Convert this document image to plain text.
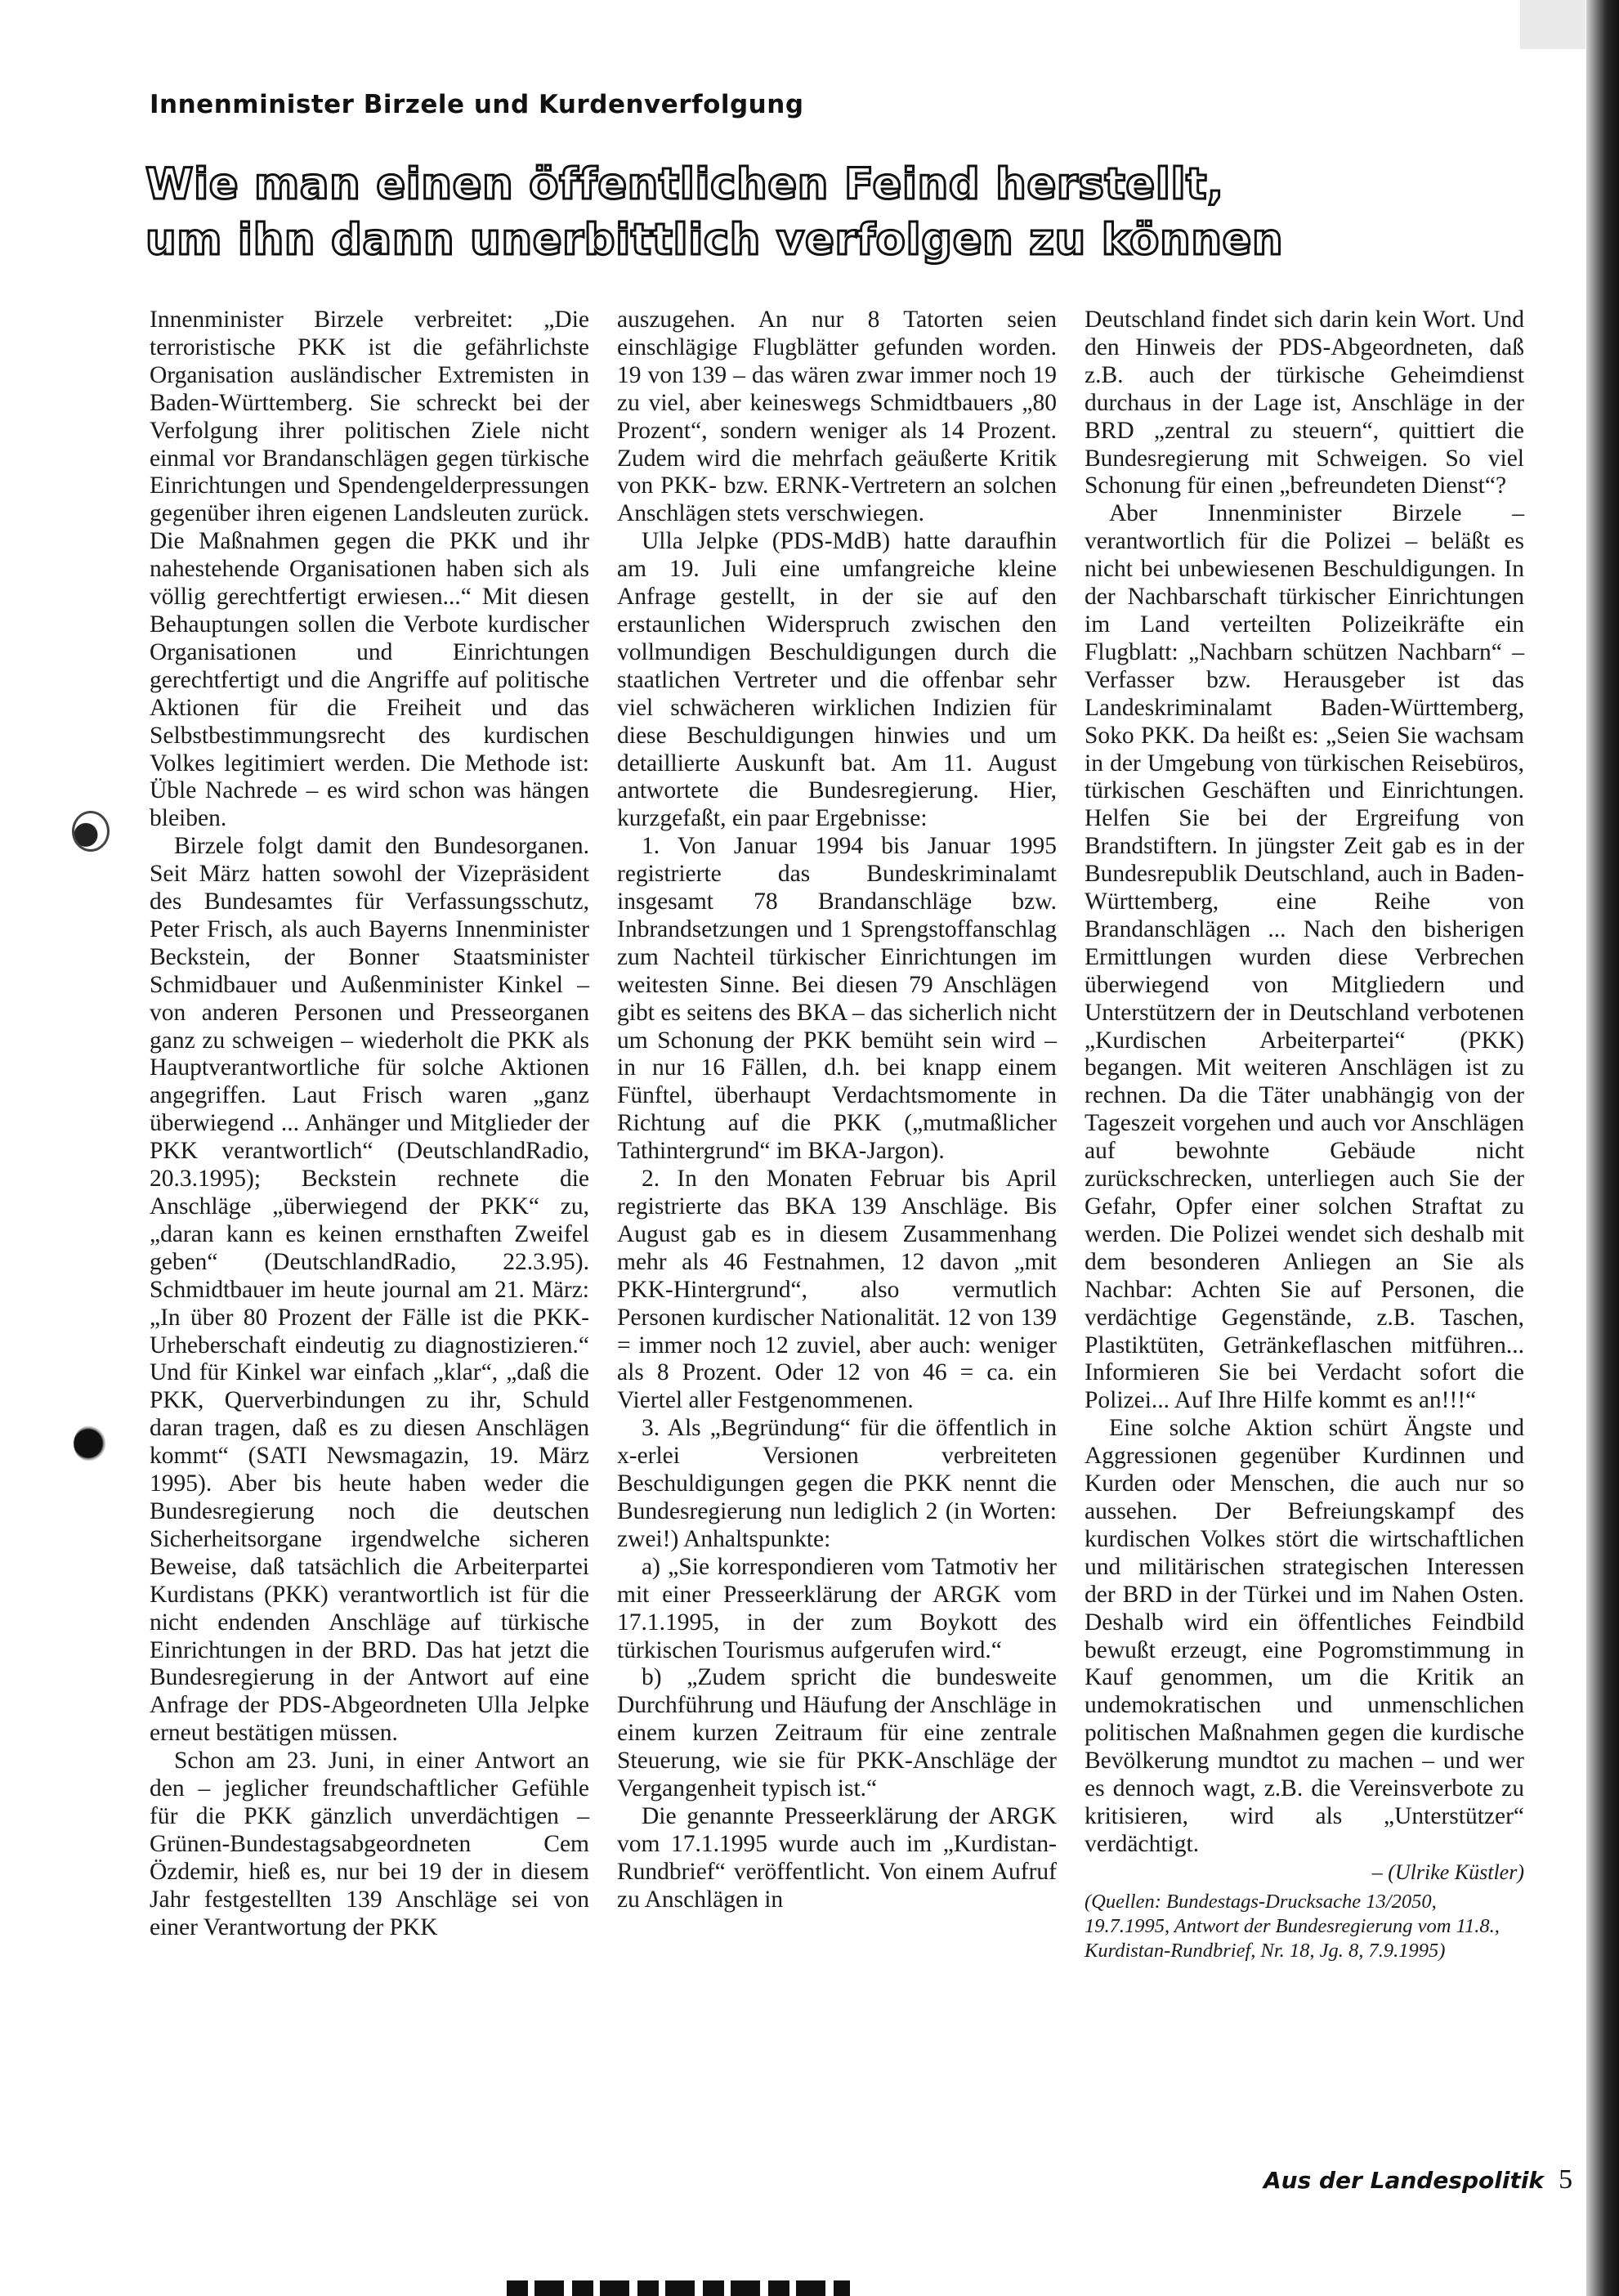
Innenminister Birzele und Kurdenverfolgung
Wie man einen öffentlichen Feind herstellt, um ihn dann unerbittlich verfolgen zu können

Innenminister Birzele verbreitet: „Die terroristische PKK ist die gefährlichste Organisation ausländischer Extremisten in Baden-Württemberg. Sie schreckt bei der Verfolgung ihrer politischen Ziele nicht einmal vor Brandanschlägen gegen türkische Einrichtungen und Spendengelderpressungen gegenüber ihren eigenen Landsleuten zurück. Die Maßnahmen gegen die PKK und ihr nahestehende Organisationen haben sich als völlig gerechtfertigt erwiesen...“ Mit diesen Behauptungen sollen die Verbote kurdischer Organisationen und Einrichtungen gerechtfertigt und die Angriffe auf politische Aktionen für die Freiheit und das Selbstbestimmungsrecht des kurdischen Volkes legitimiert werden. Die Methode ist: Üble Nachrede – es wird schon was hängen bleiben.

Birzele folgt damit den Bundesorganen. Seit März hatten sowohl der Vizepräsident des Bundesamtes für Verfassungsschutz, Peter Frisch, als auch Bayerns Innenminister Beckstein, der Bonner Staatsminister Schmidbauer und Außenminister Kinkel – von anderen Personen und Presseorganen ganz zu schweigen – wiederholt die PKK als Hauptverantwortliche für solche Aktionen angegriffen. Laut Frisch waren „ganz überwiegend ... Anhänger und Mitglieder der PKK verantwortlich“ (DeutschlandRadio, 20.3.1995); Beckstein rechnete die Anschläge „überwiegend der PKK“ zu, „daran kann es keinen ernsthaften Zweifel geben“ (DeutschlandRadio, 22.3.95). Schmidtbauer im heute journal am 21. März: „In über 80 Prozent der Fälle ist die PKK-Urheberschaft eindeutig zu diagnostizieren.“ Und für Kinkel war einfach „klar“, „daß die PKK, Querverbindungen zu ihr, Schuld daran tragen, daß es zu diesen Anschlägen kommt“ (SATI Newsmagazin, 19. März 1995). Aber bis heute haben weder die Bundesregierung noch die deutschen Sicherheitsorgane irgendwelche sicheren Beweise, daß tatsächlich die Arbeiterpartei Kurdistans (PKK) verantwortlich ist für die nicht endenden Anschläge auf türkische Einrichtungen in der BRD. Das hat jetzt die Bundesregierung in der Antwort auf eine Anfrage der PDS-Abgeordneten Ulla Jelpke erneut bestätigen müssen.

Schon am 23. Juni, in einer Antwort an den – jeglicher freundschaftlicher Gefühle für die PKK gänzlich unverdächtigen – Grünen-Bundestagsabgeordneten Cem Özdemir, hieß es, nur bei 19 der in diesem Jahr festgestellten 139 Anschläge sei von einer Verantwortung der PKK

auszugehen. An nur 8 Tatorten seien einschlägige Flugblätter gefunden worden. 19 von 139 – das wären zwar immer noch 19 zu viel, aber keineswegs Schmidtbauers „80 Prozent“, sondern weniger als 14 Prozent. Zudem wird die mehrfach geäußerte Kritik von PKK- bzw. ERNK-Vertretern an solchen Anschlägen stets verschwiegen.

Ulla Jelpke (PDS-MdB) hatte daraufhin am 19. Juli eine umfangreiche kleine Anfrage gestellt, in der sie auf den erstaunlichen Widerspruch zwischen den vollmundigen Beschuldigungen durch die staatlichen Vertreter und die offenbar sehr viel schwächeren wirklichen Indizien für diese Beschuldigungen hinwies und um detaillierte Auskunft bat. Am 11. August antwortete die Bundesregierung. Hier, kurzgefaßt, ein paar Ergebnisse:

1. Von Januar 1994 bis Januar 1995 registrierte das Bundeskriminalamt insgesamt 78 Brandanschläge bzw. Inbrandsetzungen und 1 Sprengstoffanschlag zum Nachteil türkischer Einrichtungen im weitesten Sinne. Bei diesen 79 Anschlägen gibt es seitens des BKA – das sicherlich nicht um Schonung der PKK bemüht sein wird – in nur 16 Fällen, d.h. bei knapp einem Fünftel, überhaupt Verdachtsmomente in Richtung auf die PKK („mutmaßlicher Tathintergrund“ im BKA-Jargon).

2. In den Monaten Februar bis April registrierte das BKA 139 Anschläge. Bis August gab es in diesem Zusammenhang mehr als 46 Festnahmen, 12 davon „mit PKK-Hintergrund“, also vermutlich Personen kurdischer Nationalität. 12 von 139 = immer noch 12 zuviel, aber auch: weniger als 8 Prozent. Oder 12 von 46 = ca. ein Viertel aller Festgenommenen.

3. Als „Begründung“ für die öffentlich in x-erlei Versionen verbreiteten Beschuldigungen gegen die PKK nennt die Bundesregierung nun lediglich 2 (in Worten: zwei!) Anhaltspunkte:

a) „Sie korrespondieren vom Tatmotiv her mit einer Presseerklärung der ARGK vom 17.1.1995, in der zum Boykott des türkischen Tourismus aufgerufen wird.“

b) „Zudem spricht die bundesweite Durchführung und Häufung der Anschläge in einem kurzen Zeitraum für eine zentrale Steuerung, wie sie für PKK-Anschläge der Vergangenheit typisch ist.“

Die genannte Presseerklärung der ARGK vom 17.1.1995 wurde auch im „Kurdistan-Rundbrief“ veröffentlicht. Von einem Aufruf zu Anschlägen in

Deutschland findet sich darin kein Wort. Und den Hinweis der PDS-Abgeordneten, daß z.B. auch der türkische Geheimdienst durchaus in der Lage ist, Anschläge in der BRD „zentral zu steuern“, quittiert die Bundesregierung mit Schweigen. So viel Schonung für einen „befreundeten Dienst“?

Aber Innenminister Birzele – verantwortlich für die Polizei – beläßt es nicht bei unbewiesenen Beschuldigungen. In der Nachbarschaft türkischer Einrichtungen im Land verteilten Polizeikräfte ein Flugblatt: „Nachbarn schützen Nachbarn“ – Verfasser bzw. Herausgeber ist das Landeskriminalamt Baden-Württemberg, Soko PKK. Da heißt es: „Seien Sie wachsam in der Umgebung von türkischen Reisebüros, türkischen Geschäften und Einrichtungen. Helfen Sie bei der Ergreifung von Brandstiftern. In jüngster Zeit gab es in der Bundesrepublik Deutschland, auch in Baden-Württemberg, eine Reihe von Brandanschlägen ... Nach den bisherigen Ermittlungen wurden diese Verbrechen überwiegend von Mitgliedern und Unterstützern der in Deutschland verbotenen „Kurdischen Arbeiterpartei“ (PKK) begangen. Mit weiteren Anschlägen ist zu rechnen. Da die Täter unabhängig von der Tageszeit vorgehen und auch vor Anschlägen auf bewohnte Gebäude nicht zurückschrecken, unterliegen auch Sie der Gefahr, Opfer einer solchen Straftat zu werden. Die Polizei wendet sich deshalb mit dem besonderen Anliegen an Sie als Nachbar: Achten Sie auf Personen, die verdächtige Gegenstände, z.B. Taschen, Plastiktüten, Getränkeflaschen mitführen... Informieren Sie bei Verdacht sofort die Polizei... Auf Ihre Hilfe kommt es an!!!“

Eine solche Aktion schürt Ängste und Aggressionen gegenüber Kurdinnen und Kurden oder Menschen, die auch nur so aussehen. Der Befreiungskampf des kurdischen Volkes stört die wirtschaftlichen und militärischen strategischen Interessen der BRD in der Türkei und im Nahen Osten. Deshalb wird ein öffentliches Feindbild bewußt erzeugt, eine Pogromstimmung in Kauf genommen, um die Kritik an undemokratischen und unmenschlichen politischen Maßnahmen gegen die kurdische Bevölkerung mundtot zu machen – und wer es dennoch wagt, z.B. die Vereinsverbote zu kritisieren, wird als „Unterstützer“ verdächtigt.

– (Ulrike Küstler)

(Quellen: Bundestags-Drucksache 13/2050, 19.7.1995, Antwort der Bundesregierung vom 11.8., Kurdistan-Rundbrief, Nr. 18, Jg. 8, 7.9.1995)

Aus der Landespolitik 5
